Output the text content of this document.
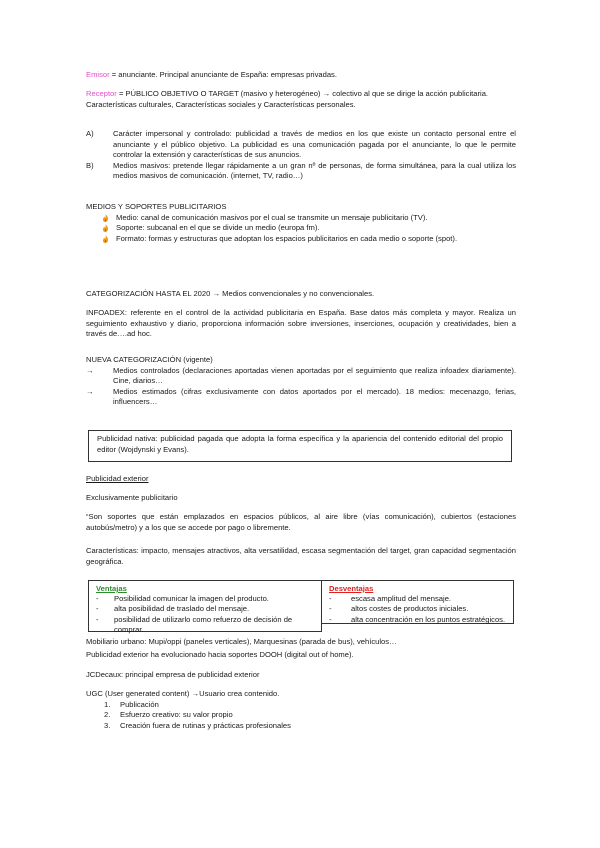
Emisor = anunciante. Principal anunciante de España: empresas privadas.
Receptor = PÚBLICO OBJETIVO O TARGET (masivo y heterogéneo) → colectivo al que se dirige la acción publicitaria. Características culturales, Características sociales y Características personales.
A)	Carácter impersonal y controlado: publicidad a través de medios en los que existe un contacto personal entre el anunciante y el público objetivo. La publicidad es una comunicación pagada por el anunciante, lo que le permite controlar la extensión y características de sus anuncios.
B)	Medios masivos: pretende llegar rápidamente a un gran nº de personas, de forma simultánea, para la cual utiliza los medios masivos de comunicación. (internet, TV, radio…)
MEDIOS Y SOPORTES PUBLICITARIOS
Medio: canal de comunicación masivos por el cual se transmite un mensaje publicitario (TV).
Soporte: subcanal en el que se divide un medio (europa fm).
Formato: formas y estructuras que adoptan los espacios publicitarios en cada medio o soporte (spot).
CATEGORIZACIÓN HASTA EL 2020 → Medios convencionales y no convencionales.
INFOADEX: referente en el control de la actividad publicitaria en España. Base datos más completa y mayor. Realiza un seguimiento exhaustivo y diario, proporciona información sobre inversiones, inserciones, ocupación y creatividades, bien a través de….ad hoc.
NUEVA CATEGORIZACIÓN (vigente)
→	Medios controlados (declaraciones aportadas vienen aportadas por el seguimiento que realiza infoadex diariamente). Cine, diarios…
→	Medios estimados (cifras exclusivamente con datos aportados por el mercado). 18 medios: mecenazgo, ferias, influencers…
Publicidad nativa: publicidad pagada que adopta la forma específica y la apariencia del contenido editorial del propio editor (Wojdynski y Evans).
Publicidad exterior
Exclusivamente publicitario
“Son soportes que están emplazados en espacios públicos, al aire libre (vías comunicación), cubiertos (estaciones autobús/metro) y a los que se accede por pago o libremente.
Características: impacto, mensajes atractivos, alta versatilidad, escasa segmentación del target, gran capacidad segmentación geográfica.
Ventajas
- Posibilidad comunicar la imagen del producto.
- alta posibilidad de traslado del mensaje.
- posibilidad de utilizarlo como refuerzo de decisión de comprar.
Desventajas
-	escasa amplitud del mensaje.
-	altos costes de productos iniciales.
-	alta concentración en los puntos estratégicos.
Mobiliario urbano: Mupi/oppi (paneles verticales), Marquesinas (parada de bus), vehículos…
Publicidad exterior ha evolucionado hacia soportes DOOH (digital out of home).
JCDecaux: principal empresa de publicidad exterior
UGC (User generated content) →Usuario crea contenido.
1. Publicación
2. Esfuerzo creativo: su valor propio
3. Creación fuera de rutinas y prácticas profesionales
